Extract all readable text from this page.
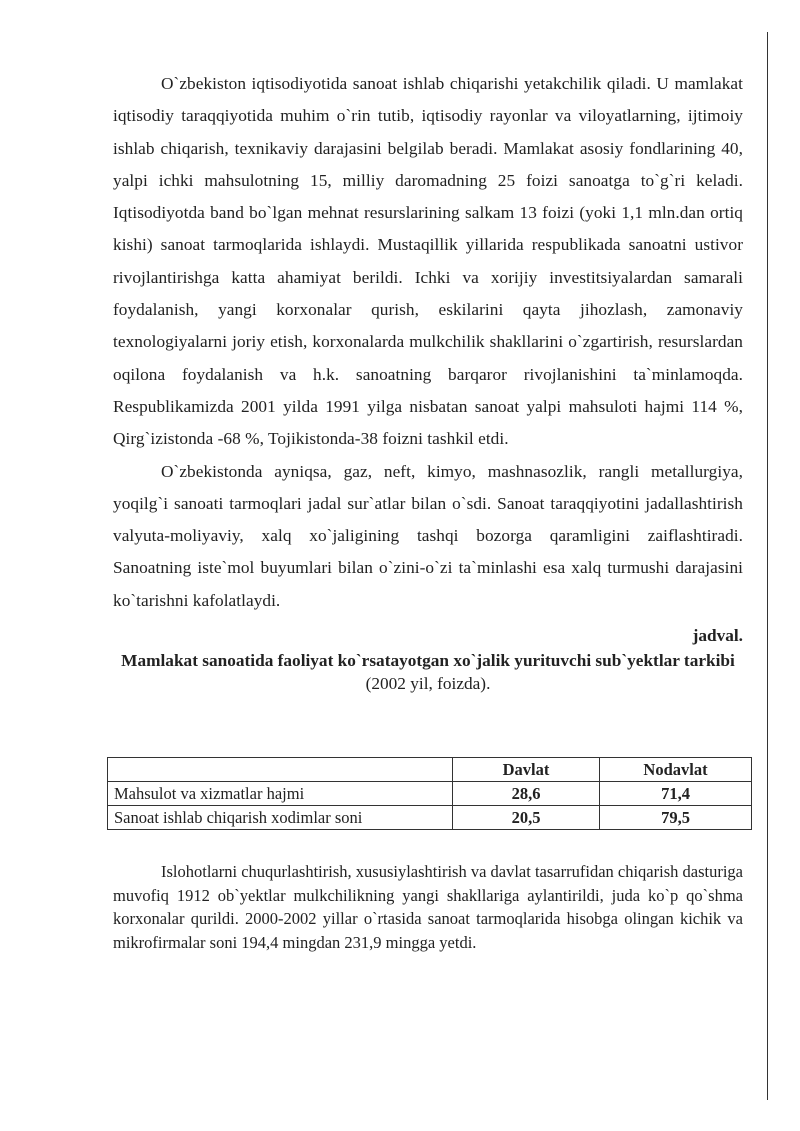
O`zbekiston iqtisodiyotida sanoat ishlab chiqarishi yetakchilik qiladi. U mamlakat iqtisodiy taraqqiyotida muhim o`rin tutib, iqtisodiy rayonlar va viloyatlarning, ijtimoiy ishlab chiqarish, texnikaviy darajasini belgilab beradi. Mamlakat asosiy fondlarining 40, yalpi ichki mahsulotning 15, milliy daromadning 25 foizi sanoatga to`g`ri keladi. Iqtisodiyotda band bo`lgan mehnat resurslarining salkam 13 foizi (yoki 1,1 mln.dan ortiq kishi) sanoat tarmoqlarida ishlaydi. Mustaqillik yillarida respublikada sanoatni ustivor rivojlantirishga katta ahamiyat berildi. Ichki va xorijiy investitsiyalardan samarali foydalanish, yangi korxonalar qurish, eskilarini qayta jihozlash, zamonaviy texnologiyalarni joriy etish, korxonalarda mulkchilik shakllarini o`zgartirish, resurslardan oqilona foydalanish va h.k. sanoatning barqaror rivojlanishini ta`minlamoqda. Respublikamizda 2001 yilda 1991 yilga nisbatan sanoat yalpi mahsuloti hajmi 114 %, Qirg`izistonda -68 %, Tojikistonda-38 foizni tashkil etdi.

O`zbekistonda ayniqsa, gaz, neft, kimyo, mashnasozlik, rangli metallurgiya, yoqilg`i sanoati tarmoqlari jadal sur`atlar bilan o`sdi. Sanoat taraqqiyotini jadallashtirish valyuta-moliyaviy, xalq xo`jaligining tashqi bozorga qaramligini zaiflashtiradi. Sanoatning iste`mol buyumlari bilan o`zini-o`zi ta`minlashi esa xalq turmushi darajasini ko`tarishni kafolatlaydi.

jadval.
Mamlakat sanoatida faoliyat ko`rsatayotgan xo`jalik yurituvchi sub`yektlar tarkibi (2002 yil, foizda).
	Davlat	Nodavlat
Mahsulot va xizmatlar hajmi	28,6	71,4
Sanoat ishlab chiqarish xodimlar soni	20,5	79,5

Islohotlarni chuqurlashtirish, xususiylashtirish va davlat tasarrufidan chiqarish dasturiga muvofiq 1912 ob`yektlar mulkchilikning yangi shakllariga aylantirildi, juda ko`p qo`shma korxonalar qurildi. 2000-2002 yillar o`rtasida sanoat tarmoqlarida hisobga olingan kichik va mikrofirmalar soni 194,4 mingdan 231,9 mingga yetdi.
